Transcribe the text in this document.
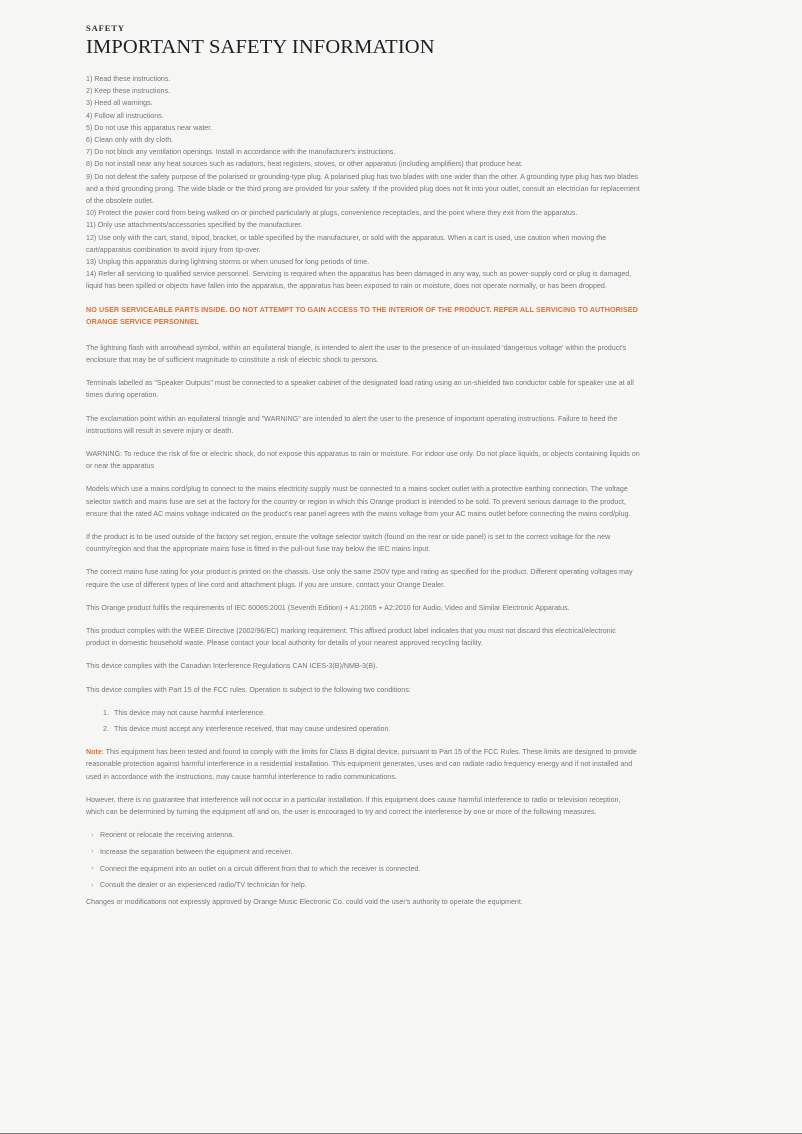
SAFETY
IMPORTANT SAFETY INFORMATION

1) Read these instructions.

2) Keep these instructions.

3) Heed all warnings.

4) Follow all instructions.

5) Do not use this apparatus near water.

6) Clean only with dry cloth.

7) Do not block any ventilation openings. Install in accordance with the manufacturer's instructions.

8) Do not install near any heat sources such as radiators, heat registers, stoves, or other apparatus (including amplifiers) that produce heat.

9) Do not defeat the safety purpose of the polarised or grounding-type plug. A polarised plug has two blades with one wider than the other. A grounding type plug has two blades and a third grounding prong. The wide blade or the third prong are provided for your safety. If the provided plug does not fit into your outlet, consult an electrician for replacement of the obsolete outlet.

10) Protect the power cord from being walked on or pinched particularly at plugs, convenience receptacles, and the point where they exit from the apparatus.

11) Only use attachments/accessories specified by the manufacturer.

12) Use only with the cart, stand, tripod, bracket, or table specified by the manufacturer, or sold with the apparatus. When a cart is used, use caution when moving the cart/apparatus combination to avoid injury from tip-over.

13) Unplug this apparatus during lightning storms or when unused for long periods of time.

14) Refer all servicing to qualified service personnel. Servicing is required when the apparatus has been damaged in any way, such as power-supply cord or plug is damaged, liquid has been spilled or objects have fallen into the apparatus, the apparatus has been exposed to rain or moisture, does not operate normally, or has been dropped.

NO USER SERVICEABLE PARTS INSIDE. DO NOT ATTEMPT TO GAIN ACCESS TO THE INTERIOR OF THE PRODUCT. REFER ALL SERVICING TO AUTHORISED ORANGE SERVICE PERSONNEL

The lightning flash with arrowhead symbol, within an equilateral triangle, is intended to alert the user to the presence of un-insulated 'dangerous voltage' within the product's enclosure that may be of sufficient magnitude to constitute a risk of electric shock to persons.

Terminals labelled as "Speaker Outputs" must be connected to a speaker cabinet of the designated load rating using an un-shielded two conductor cable for speaker use at all times during operation.

The exclamation point within an equilateral triangle and "WARNING" are intended to alert the user to the presence of important operating instructions. Failure to heed the instructions will result in severe injury or death.

WARNING: To reduce the risk of fire or electric shock, do not expose this apparatus to rain or moisture. For indoor use only. Do not place liquids, or objects containing liquids on or near the apparatus

Models which use a mains cord/plug to connect to the mains electricity supply must be connected to a mains socket outlet with a protective earthing connection. The voltage selector switch and mains fuse are set at the factory for the country or region in which this Orange product is intended to be sold. To prevent serious damage to the product, ensure that the rated AC mains voltage indicated on the product's rear panel agrees with the mains voltage from your AC mains outlet before connecting the mains cord/plug.

If the product is to be used outside of the factory set region, ensure the voltage selector switch (found on the rear or side panel) is set to the correct voltage for the new country/region and that the appropriate mains fuse is fitted in the pull-out fuse tray below the IEC mains input.

The correct mains fuse rating for your product is printed on the chassis. Use only the same 250V type and rating as specified for the product. Different operating voltages may require the use of different types of line cord and attachment plugs. If you are unsure, contact your Orange Dealer.

This Orange product fulfils the requirements of IEC 60065:2001 (Seventh Edition) + A1:2005 + A2:2010 for Audio, Video and Similar Electronic Apparatus.

This product complies with the WEEE Directive (2002/96/EC) marking requirement. This affixed product label indicates that you must not discard this electrical/electronic product in domestic household waste. Please contact your local authority for details of your nearest approved recycling facility.

This device complies with the Canadian Interference Regulations CAN ICES-3(B)/NMB-3(B).

This device complies with Part 15 of the FCC rules. Operation is subject to the following two conditions:

This device may not cause harmful interference.
This device must accept any interference received, that may cause undesired operation.

Note: This equipment has been tested and found to comply with the limits for Class B digital device, pursuant to Part 15 of the FCC Rules. These limits are designed to provide reasonable protection against harmful interference in a residential installation. This equipment generates, uses and can radiate radio frequency energy and if not installed and used in accordance with the instructions, may cause harmful interference to radio communications.

However, there is no guarantee that interference will not occur in a particular installation. If this equipment does cause harmful interference to radio or television reception, which can be determined by turning the equipment off and on, the user is encouraged to try and correct the interference by one or more of the following measures.

› Reorient or relocate the receiving antenna.
› Increase the separation between the equipment and receiver.
› Connect the equipment into an outlet on a circuit different from that to which the receiver is connected.
› Consult the dealer or an experienced radio/TV technician for help.

Changes or modifications not expressly approved by Orange Music Electronic Co. could void the user's authority to operate the equipment.
